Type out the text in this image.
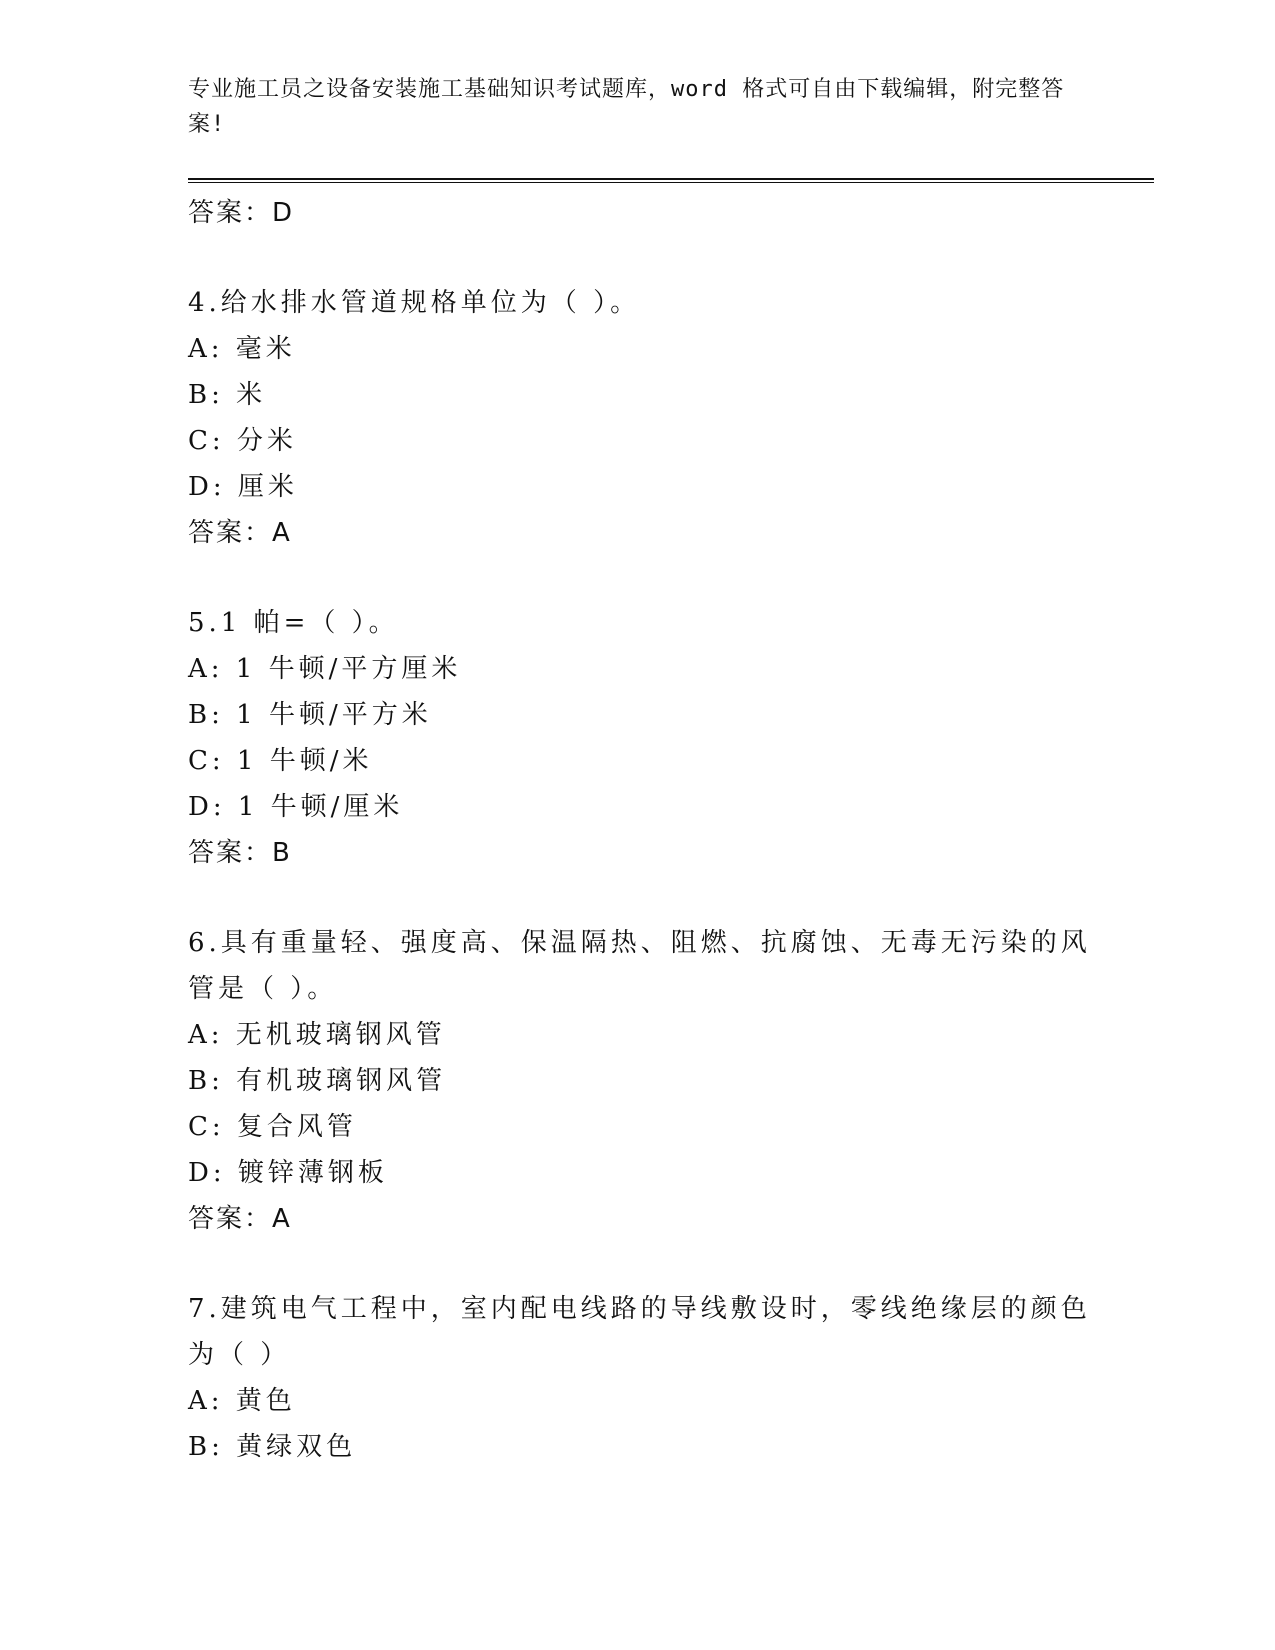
专业施工员之设备安装施工基础知识考试题库，word 格式可自由下载编辑，附完整答案!
答案：D
4.给水排水管道规格单位为（ ）。
A: 毫米
B: 米
C: 分米
D: 厘米
答案：A
5.1 帕=（ ）。
A: 1 牛顿/平方厘米
B: 1 牛顿/平方米
C: 1 牛顿/米
D: 1 牛顿/厘米
答案：B
6.具有重量轻、强度高、保温隔热、阻燃、抗腐蚀、无毒无污染的风
管是（ ）。
A: 无机玻璃钢风管
B: 有机玻璃钢风管
C: 复合风管
D: 镀锌薄钢板
答案：A
7.建筑电气工程中，室内配电线路的导线敷设时，零线绝缘层的颜色
为（ ）
A: 黄色
B: 黄绿双色
